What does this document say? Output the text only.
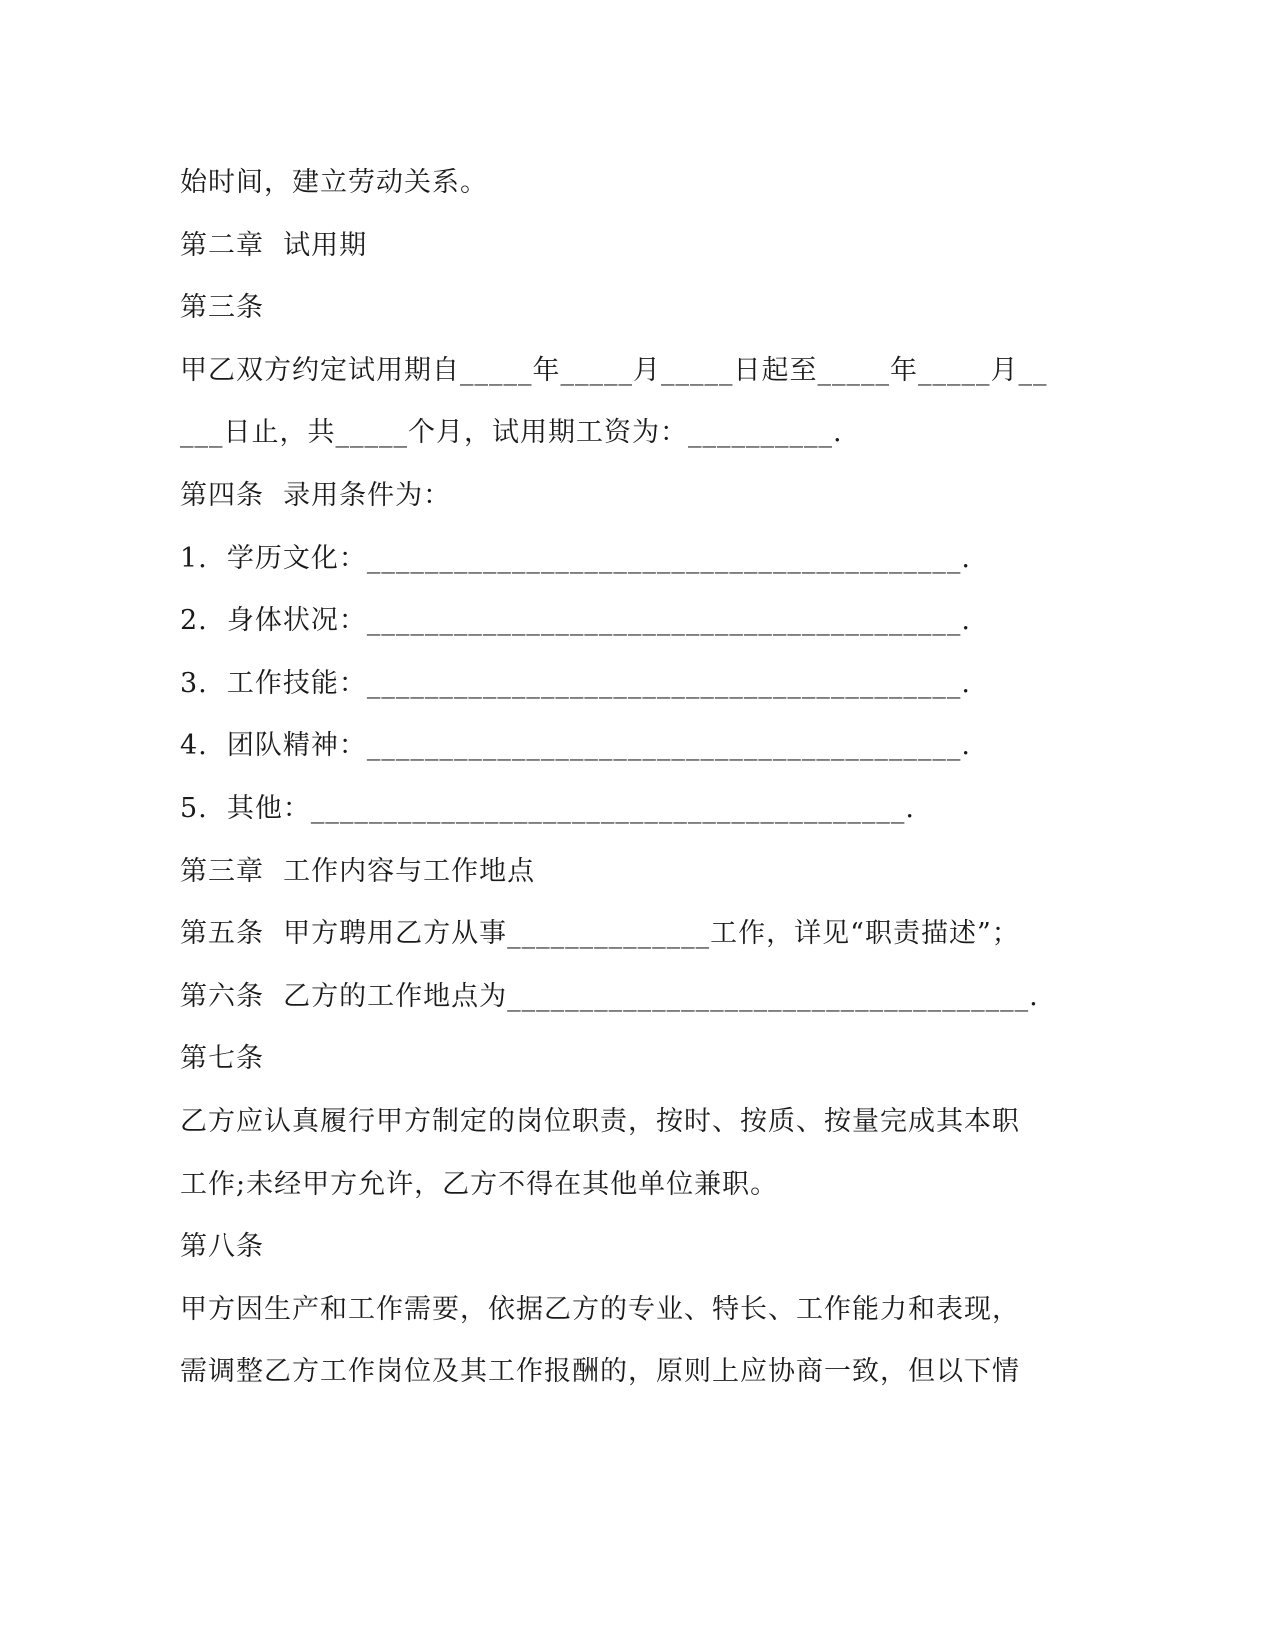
始时间，建立劳动关系。
第二章  试用期
第三条
甲乙双方约定试用期自_____年_____月_____日起至_____年_____月__
___日止，共_____个月，试用期工资为：__________.
第四条  录用条件为：
1.  学历文化：_________________________________________.
2.  身体状况：_________________________________________.
3.  工作技能：_________________________________________.
4.  团队精神：_________________________________________.
5.  其他：_________________________________________.
第三章  工作内容与工作地点
第五条  甲方聘用乙方从事______________工作，详见“职责描述”；
第六条  乙方的工作地点为____________________________________.
第七条
乙方应认真履行甲方制定的岗位职责，按时、按质、按量完成其本职
工作;未经甲方允许，乙方不得在其他单位兼职。
第八条
甲方因生产和工作需要，依据乙方的专业、特长、工作能力和表现，
需调整乙方工作岗位及其工作报酬的，原则上应协商一致，但以下情
